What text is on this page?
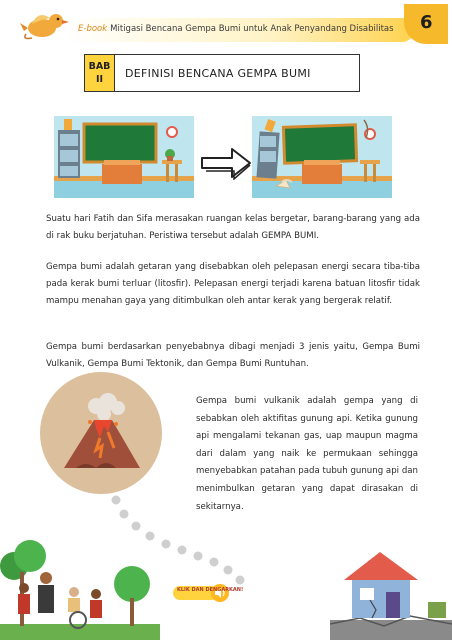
E-book Mitigasi Bencana Gempa Bumi untuk Anak Penyandang Disabilitas 6
BAB
II	DEFINISI BENCANA GEMPA BUMI

Suatu hari Fatih dan Sifa merasakan ruangan kelas bergetar, barang-barang yang ada di rak buku berjatuhan. Peristiwa tersebut adalah GEMPA BUMI.

Gempa bumi adalah getaran yang disebabkan oleh pelepasan energi secara tiba-tiba pada kerak bumi terluar (litosfir). Pelepasan energi terjadi karena batuan litosfir tidak mampu menahan gaya yang ditimbulkan oleh antar kerak yang bergerak relatif.

Gempa bumi berdasarkan penyebabnya dibagi menjadi 3 jenis yaitu, Gempa Bumi Vulkanik, Gempa Bumi Tektonik, dan Gempa Bumi Runtuhan.

Gempa bumi vulkanik adalah gempa yang di sebabkan oleh aktifitas gunung api. Ketika gunung api mengalami tekanan gas, uap maupun magma dari dalam yang naik ke permukaan sehingga menyebabkan patahan pada tubuh gunung api dan menimbulkan getaran yang dapat dirasakan di sekitarnya.

KLIK DAN DENGARKAN!
